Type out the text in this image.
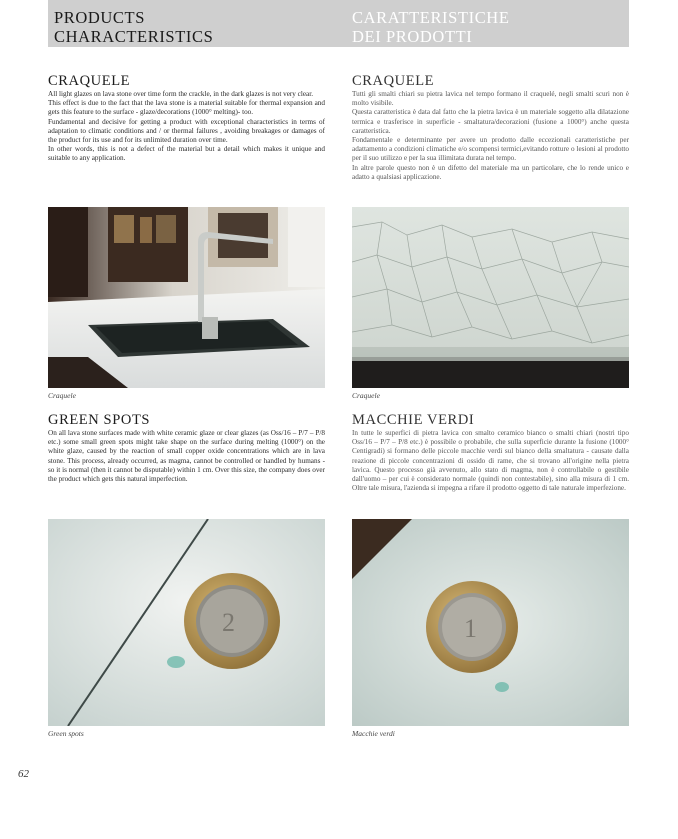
PRODUCTS
CHARACTERISTICS
CARATTERISTICHE
DEI PRODOTTI
CRAQUELE

All light glazes on lava stone over time form the crackle, in the dark glazes is not very clear.

This effect is due to the fact that the lava stone is a material suitable for thermal expansion and gets this feature to the surface - glaze/decorations (1000° melting)- too.

Fundamental and decisive for getting a product with exceptional characteristics in terms of adaptation to climatic conditions and / or thermal failures , avoiding breakages or damages of the product for its use and for its unlimited duration over time.

In other words, this is not a defect of the material but a detail which makes it unique and suitable to any application.

CRAQUELE

Tutti gli smalti chiari su pietra lavica nel tempo formano il craquelé, negli smalti scuri non è molto visibile.

Questa caratteristica è data dal fatto che la pietra lavica è un materiale soggetto alla dilatazione termica e trasferisce in superficie - smaltatura/decorazioni (fusione a 1000°) anche questa caratteristica.

Fondamentale e determinante per avere un prodotto dalle eccezionali caratteristiche per adattamento a condizioni climatiche e/o scompensi termici,evitando rotture o lesioni al prodotto per il suo utilizzo e per la sua illimitata durata nel tempo.

In altre parole questo non è un difetto del materiale ma un particolare, che lo rende unico e adatto a qualsiasi applicazione.

Craquele	Craquele
GREEN SPOTS

On all lava stone surfaces made with white ceramic glaze or clear glazes (as Oss/16 – P/7 – P/8 etc.) some small green spots might take shape on the surface during melting (1000°) on the white glaze, caused by the reaction of small copper oxide concentrations which are in lava stone. This process, already occurred, as magma, cannot be controlled or handled by humans - so it is normal (then it cannot be disputable) within 1 cm. Over this size, the company does over the product which gets this natural imperfection.

MACCHIE VERDI

In tutte le superfici di pietra lavica con smalto ceramico bianco o smalti chiari (nostri tipo Oss/16 – P/7 – P/8 etc.) è possibile o probabile, che sulla superficie durante la fusione (1000° Centigradi) si formano delle piccole macchie verdi sul bianco della smaltatura - causate dalla reazione di piccole concentrazioni di ossido di rame, che si trovano all'origine nella pietra lavica. Questo processo già avvenuto, allo stato di magma, non è controllabile o gestibile dall'uomo – per cui è considerato normale (quindi non contestabile), sino alla misura di 1 cm. Oltre tale misura, l'azienda si impegna a rifare il prodotto oggetto di tale naturale imperfezione.

2	1
Green spots	Macchie verdi
62
